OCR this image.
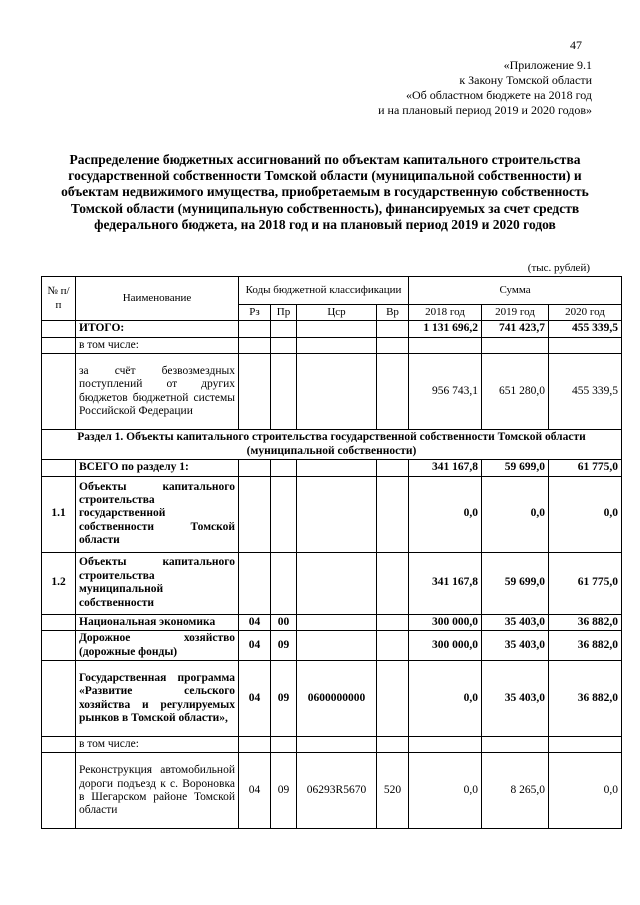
47
«Приложение 9.1
к Закону Томской области
«Об областном бюджете на 2018 год
и на плановый период 2019 и 2020 годов»
Распределение бюджетных ассигнований по объектам капитального строительства государственной собственности Томской области (муниципальной собственности) и объектам недвижимого имущества, приобретаемым в государственную собственность Томской области (муниципальную собственность), финансируемых за счет средств федерального бюджета, на 2018 год и на плановый период 2019 и 2020 годов
(тыс. рублей)
№ п/п	Наименование	Коды бюджетной классификации				Сумма		
		Рз	Пр	Цср	Вр	2018 год	2019 год	2020 год
	ИТОГО:					1 131 696,2	741 423,7	455 339,5
	в том числе:							
	за счёт безвозмездных поступлений от других бюджетов бюджетной системы Российской Федерации					956 743,1	651 280,0	455 339,5
Раздел 1. Объекты капитального строительства государственной собственности Томской области (муниципальной собственности)								
	ВСЕГО по разделу 1:					341 167,8	59 699,0	61 775,0
1.1	Объекты капитального строительства государственной собственности Томской области					0,0	0,0	0,0
1.2	Объекты капитального строительства муниципальной собственности					341 167,8	59 699,0	61 775,0
	Национальная экономика	04	00			300 000,0	35 403,0	36 882,0
	Дорожное хозяйство (дорожные фонды)	04	09			300 000,0	35 403,0	36 882,0
	Государственная программа «Развитие сельского хозяйства и регулируемых рынков в Томской области»,	04	09	0600000000		0,0	35 403,0	36 882,0
	в том числе:							
	Реконструкция автомобильной дороги подъезд к с. Вороновка в Шегарском районе Томской области	04	09	06293R5670	520	0,0	8 265,0	0,0
